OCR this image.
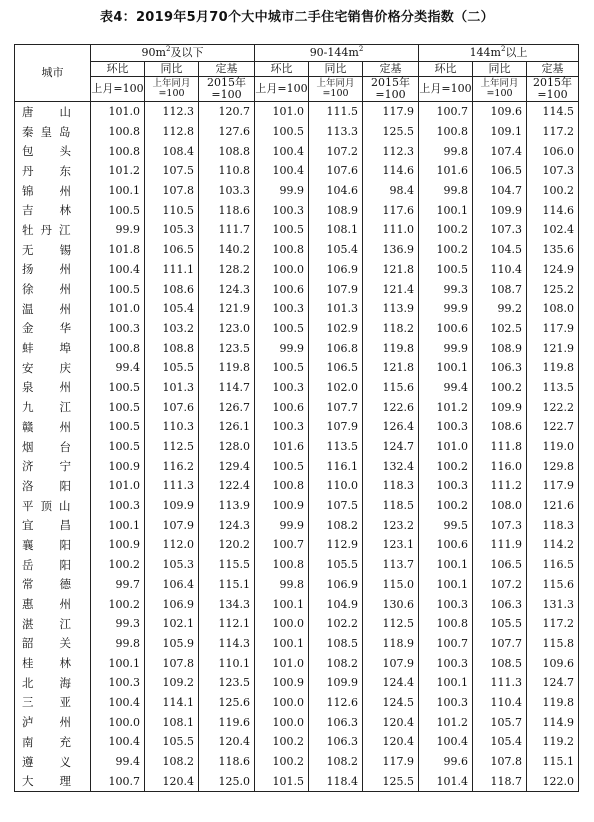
表4：2019年5月70个大中城市二手住宅销售价格分类指数（二）
城市	$90m^2$及以下			$90-144m^2$			$144m^2$以上		
	环比	同比	定基	环比	同比	定基	环比	同比	定基
	上月=100	上年同月=100	2015年=100	上月=100	上年同月=100	2015年=100	上月=100	上年同月=100	2015年=100
唐山	101.0	112.3	120.7	101.0	111.5	117.9	100.7	109.6	114.5
秦皇岛	100.8	112.8	127.6	100.5	113.3	125.5	100.8	109.1	117.2
包头	100.8	108.4	108.8	100.4	107.2	112.3	99.8	107.4	106.0
丹东	101.2	107.5	110.8	100.4	107.6	114.6	101.6	106.5	107.3
锦州	100.1	107.8	103.3	99.9	104.6	98.4	99.8	104.7	100.2
吉林	100.5	110.5	118.6	100.3	108.9	117.6	100.1	109.9	114.6
牡丹江	99.9	105.3	111.7	100.5	108.1	111.0	100.2	107.3	102.4
无锡	101.8	106.5	140.2	100.8	105.4	136.9	100.2	104.5	135.6
扬州	100.4	111.1	128.2	100.0	106.9	121.8	100.5	110.4	124.9
徐州	100.5	108.6	124.3	100.6	107.9	121.4	99.3	108.7	125.2
温州	101.0	105.4	121.9	100.3	101.3	113.9	99.9	99.2	108.0
金华	100.3	103.2	123.0	100.5	102.9	118.2	100.6	102.5	117.9
蚌埠	100.8	108.8	123.5	99.9	106.8	119.8	99.9	108.9	121.9
安庆	99.4	105.5	119.8	100.5	106.5	121.8	100.1	106.3	119.8
泉州	100.5	101.3	114.7	100.3	102.0	115.6	99.4	100.2	113.5
九江	100.5	107.6	126.7	100.6	107.7	122.6	101.2	109.9	122.2
赣州	100.5	110.3	126.1	100.3	107.9	126.4	100.3	108.6	122.7
烟台	100.5	112.5	128.0	101.6	113.5	124.7	101.0	111.8	119.0
济宁	100.9	116.2	129.4	100.5	116.1	132.4	100.2	116.0	129.8
洛阳	101.0	111.3	122.4	100.8	110.0	118.3	100.3	111.2	117.9
平顶山	100.3	109.9	113.9	100.9	107.5	118.5	100.2	108.0	121.6
宜昌	100.1	107.9	124.3	99.9	108.2	123.2	99.5	107.3	118.3
襄阳	100.9	112.0	120.2	100.7	112.9	123.1	100.6	111.9	114.2
岳阳	100.2	105.3	115.5	100.8	105.5	113.7	100.1	106.5	116.5
常德	99.7	106.4	115.1	99.8	106.9	115.0	100.1	107.2	115.6
惠州	100.2	106.9	134.3	100.1	104.9	130.6	100.3	106.3	131.3
湛江	99.3	102.1	112.1	100.0	102.2	112.5	100.8	105.5	117.2
韶关	99.8	105.9	114.3	100.1	108.5	118.9	100.7	107.7	115.8
桂林	100.1	107.8	110.1	101.0	108.2	107.9	100.3	108.5	109.6
北海	100.3	109.2	123.5	100.9	109.9	124.4	100.1	111.3	124.7
三亚	100.4	114.1	125.6	100.0	112.6	124.5	100.3	110.4	119.8
泸州	100.0	108.1	119.6	100.0	106.3	120.4	101.2	105.7	114.9
南充	100.4	105.5	120.4	100.2	106.3	120.4	100.4	105.4	119.2
遵义	99.4	108.2	118.6	100.2	108.2	117.9	99.6	107.8	115.1
大理	100.7	120.4	125.0	101.5	118.4	125.5	101.4	118.7	122.0
